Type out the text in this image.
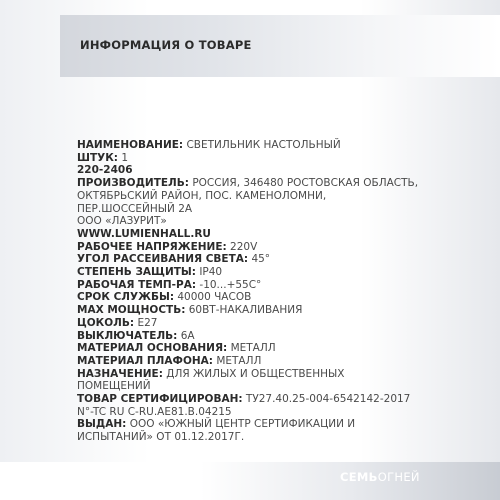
ИНФОРМАЦИЯ О ТОВАРЕ
НАИМЕНОВАНИЕ: СВЕТИЛЬНИК НАСТОЛЬНЫЙ
ШТУК: 1
220-2406
ПРОИЗВОДИТЕЛЬ: РОССИЯ, 346480 РОСТОВСКАЯ ОБЛАСТЬ,
ОКТЯБРЬСКИЙ РАЙОН, ПОС. КАМЕНОЛОМНИ,
ПЕР.ШОССЕЙНЫЙ 2А
ООО «ЛАЗУРИТ»
WWW.LUMIENHALL.RU
РАБОЧЕЕ НАПРЯЖЕНИЕ: 220V
УГОЛ РАССЕИВАНИЯ СВЕТА: 45°
СТЕПЕНЬ ЗАЩИТЫ: IP40
РАБОЧАЯ ТЕМП-РА: -10...+55С°
СРОК СЛУЖБЫ: 40000 ЧАСОВ
МАХ МОЩНОСТЬ: 60ВТ-НАКАЛИВАНИЯ
ЦОКОЛЬ: E27
ВЫКЛЮЧАТЕЛЬ: 6А
МАТЕРИАЛ ОСНОВАНИЯ: МЕТАЛЛ
МАТЕРИАЛ ПЛАФОНА: МЕТАЛЛ
НАЗНАЧЕНИЕ: ДЛЯ ЖИЛЫХ И ОБЩЕСТВЕННЫХ
ПОМЕЩЕНИЙ
ТОВАР СЕРТИФИЦИРОВАН: ТУ27.40.25-004-6542142-2017
N°-TC RU C-RU.AE81.B.04215
ВЫДАН: ООО «ЮЖНЫЙ ЦЕНТР СЕРТИФИКАЦИИ И
ИСПЫТАНИЙ» ОТ 01.12.2017Г.
СЕМЬОГНЕЙ
